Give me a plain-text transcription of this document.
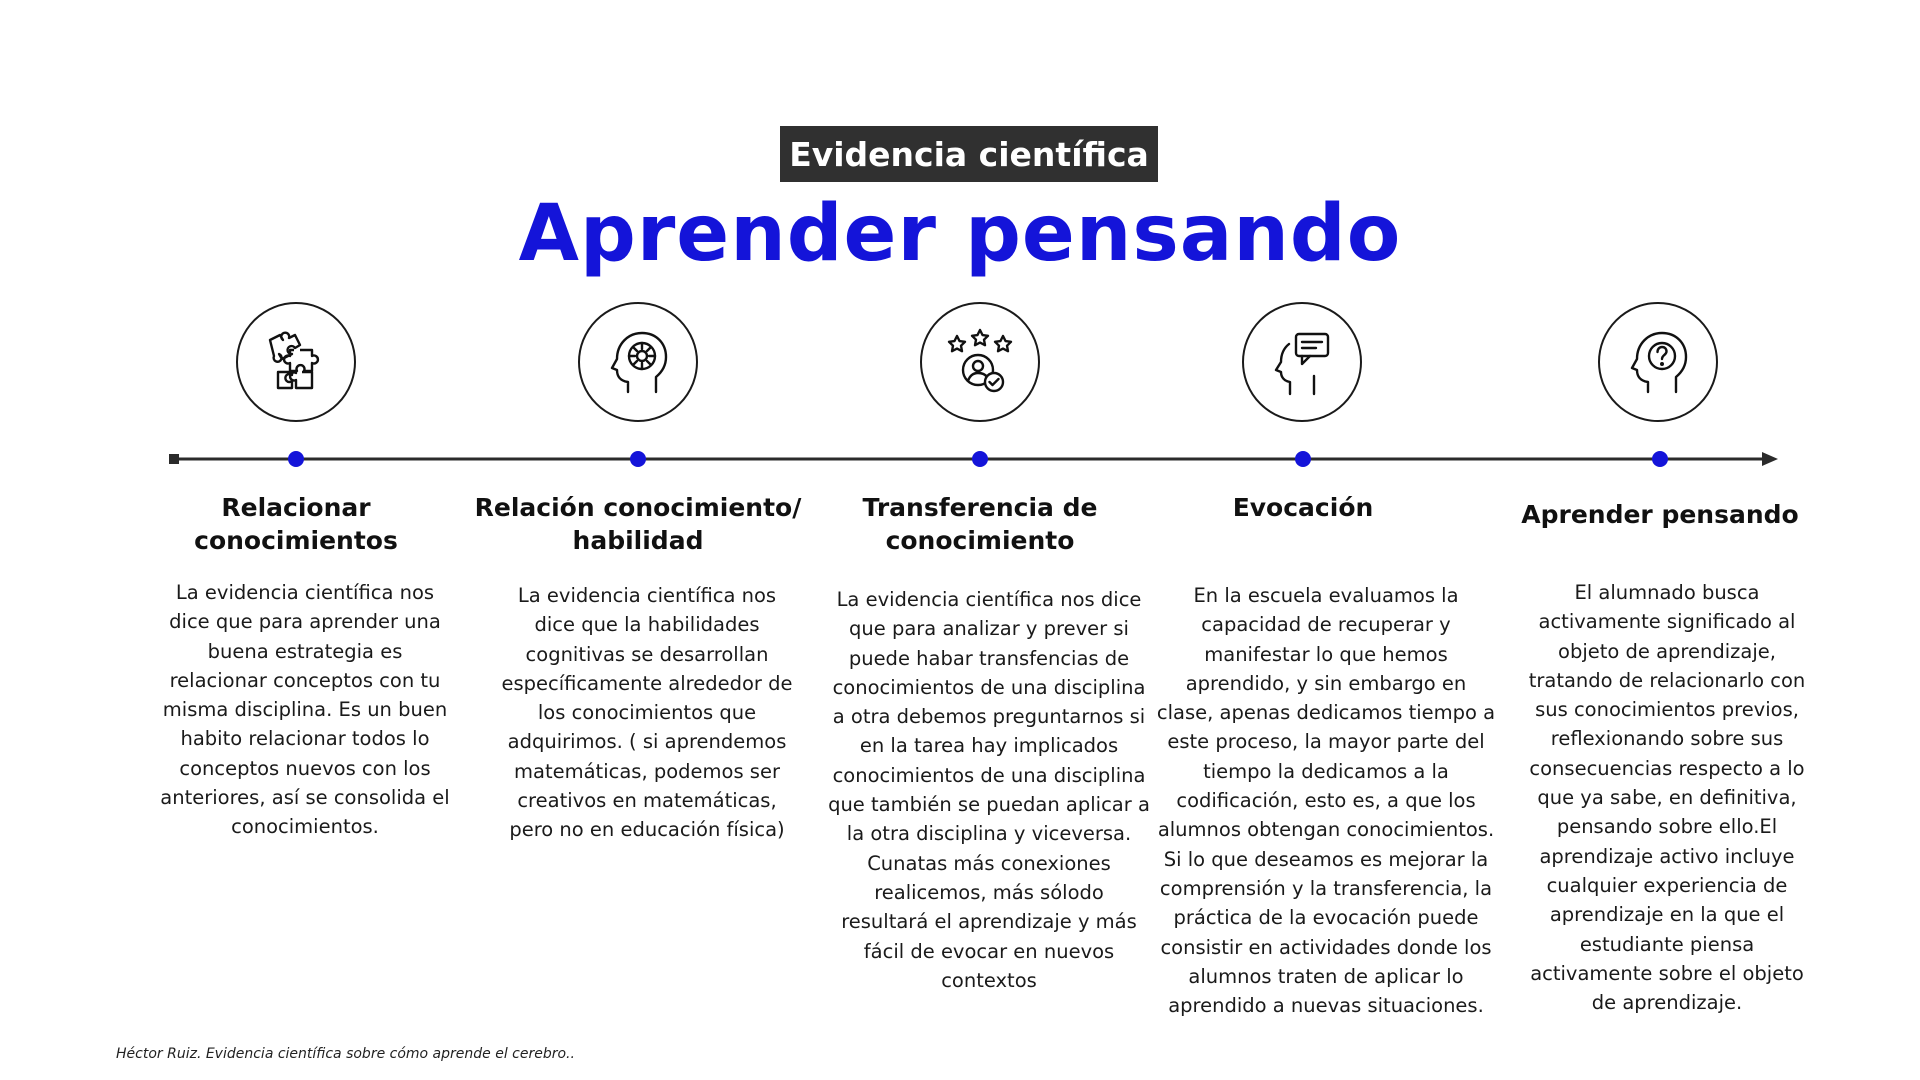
Evidencia científica
Aprender pensando
Relacionar conocimientos
Relación conocimiento/ habilidad
Transferencia de conocimiento
Evocación	Aprender pensando
La evidencia científica nos dice que para aprender una buena estrategia es relacionar conceptos con tu misma disciplina. Es un buen habito relacionar todos lo conceptos nuevos con los anteriores, así se consolida el conocimientos.
La evidencia científica nos dice que la habilidades cognitivas se desarrollan específicamente alrededor de los conocimientos que adquirimos. ( si aprendemos matemáticas, podemos ser creativos en matemáticas, pero no en educación física)
La evidencia científica nos dice que para analizar y prever si puede habar transfencias de conocimientos de una disciplina a otra debemos preguntarnos si en la tarea hay implicados conocimientos de una disciplina que también se puedan aplicar a la otra disciplina y viceversa. Cunatas más conexiones realicemos, más sólodo resultará el aprendizaje y más fácil de evocar en nuevos contextos
En la escuela evaluamos la capacidad de recuperar y manifestar lo que hemos aprendido, y sin embargo en clase, apenas dedicamos tiempo a este proceso, la mayor parte del tiempo la dedicamos a la codificación, esto es, a que los alumnos obtengan conocimientos. Si lo que deseamos es mejorar la comprensión y la transferencia, la práctica de la evocación puede consistir en actividades donde los alumnos traten de aplicar lo aprendido a nuevas situaciones.
El alumnado busca activamente significado al objeto de aprendizaje, tratando de relacionarlo con sus conocimientos previos, reflexionando sobre sus consecuencias respecto a lo que ya sabe, en definitiva, pensando sobre ello.El aprendizaje activo incluye cualquier experiencia de aprendizaje en la que el estudiante piensa activamente sobre el objeto de aprendizaje.
Héctor Ruiz. Evidencia científica sobre cómo aprende el cerebro..
